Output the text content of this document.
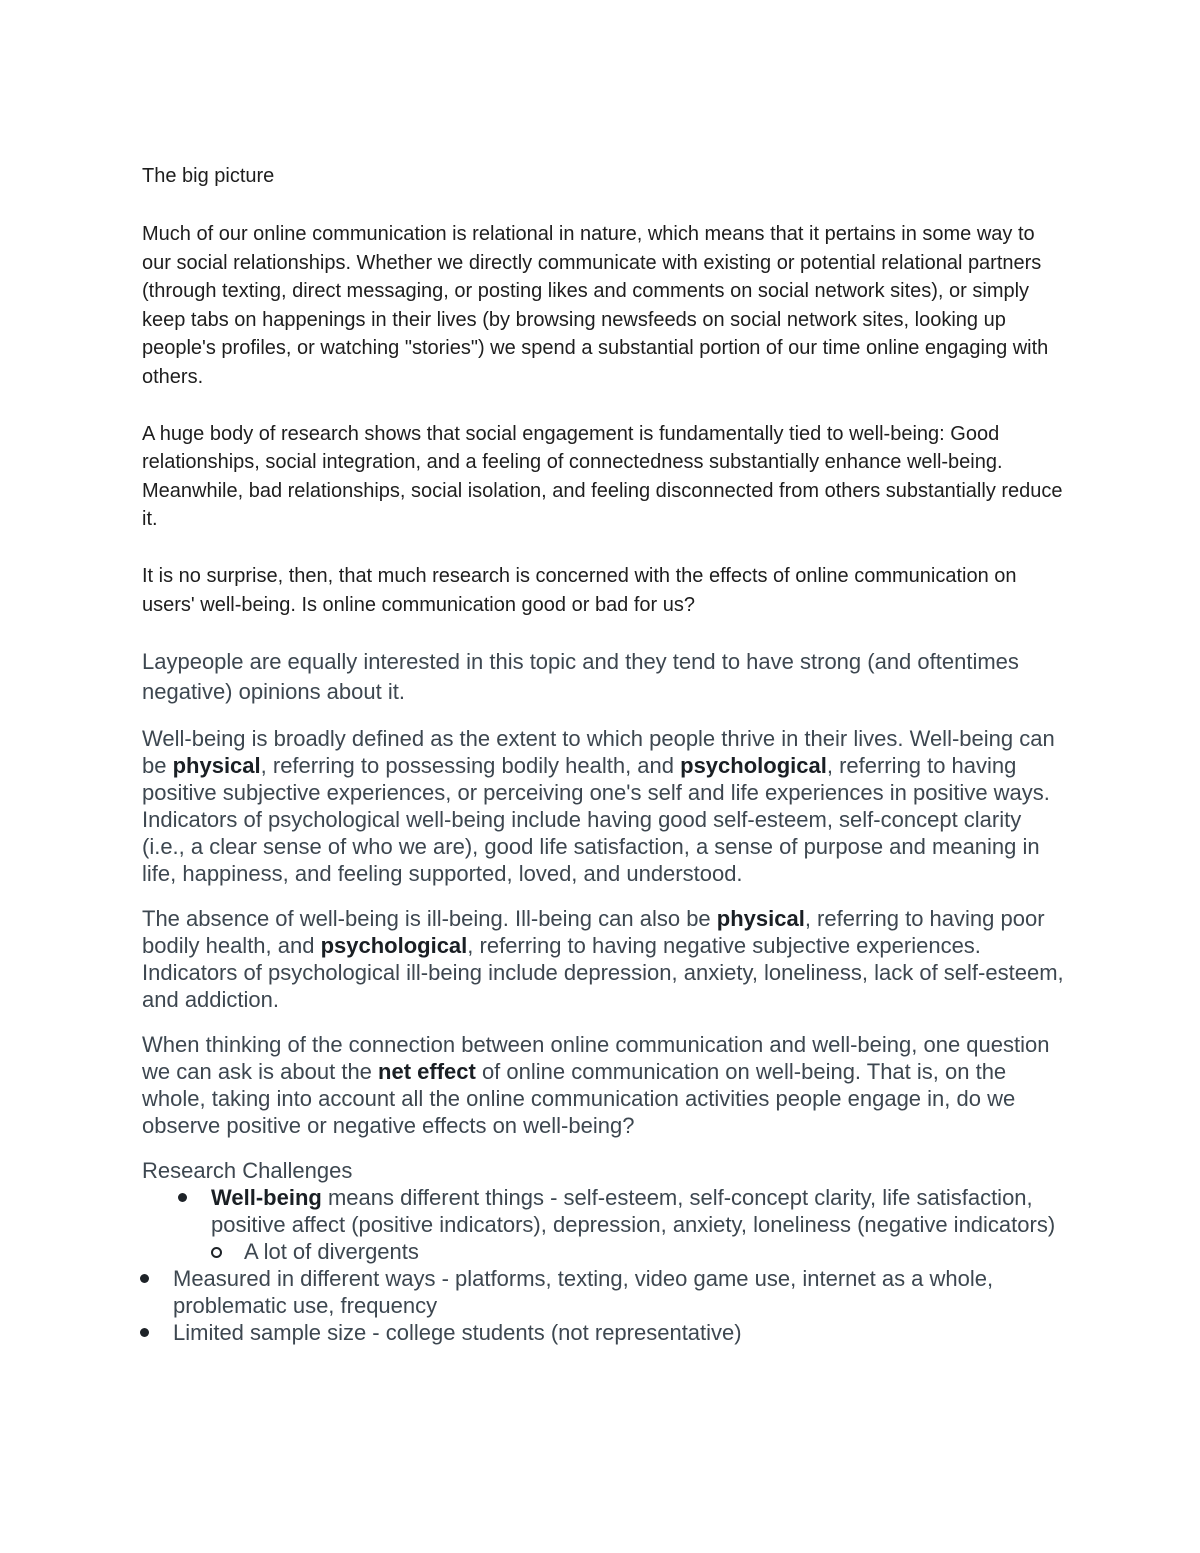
The big picture

Much of our online communication is relational in nature, which means that it pertains in some way to our social relationships. Whether we directly communicate with existing or potential relational partners (through texting, direct messaging, or posting likes and comments on social network sites), or simply keep tabs on happenings in their lives (by browsing newsfeeds on social network sites, looking up people's profiles, or watching "stories") we spend a substantial portion of our time online engaging with others.

A huge body of research shows that social engagement is fundamentally tied to well-being: Good relationships, social integration, and a feeling of connectedness substantially enhance well-being. Meanwhile, bad relationships, social isolation, and feeling disconnected from others substantially reduce it.

It is no surprise, then, that much research is concerned with the effects of online communication on users' well-being. Is online communication good or bad for us?

Laypeople are equally interested in this topic and they tend to have strong (and oftentimes negative) opinions about it.

Well-being is broadly defined as the extent to which people thrive in their lives. Well-being can be physical, referring to possessing bodily health, and psychological, referring to having positive subjective experiences, or perceiving one's self and life experiences in positive ways. Indicators of psychological well-being include having good self-esteem, self-concept clarity (i.e., a clear sense of who we are), good life satisfaction, a sense of purpose and meaning in life, happiness, and feeling supported, loved, and understood.

The absence of well-being is ill-being. Ill-being can also be physical, referring to having poor bodily health, and psychological, referring to having negative subjective experiences. Indicators of psychological ill-being include depression, anxiety, loneliness, lack of self-esteem, and addiction.

When thinking of the connection between online communication and well-being, one question we can ask is about the net effect of online communication on well-being. That is, on the whole, taking into account all the online communication activities people engage in, do we observe positive or negative effects on well-being?

Research Challenges
Well-being means different things - self-esteem, self-concept clarity, life satisfaction, positive affect (positive indicators), depression, anxiety, loneliness (negative indicators)
A lot of divergents
Measured in different ways - platforms, texting, video game use, internet as a whole, problematic use, frequency
Limited sample size - college students (not representative)
